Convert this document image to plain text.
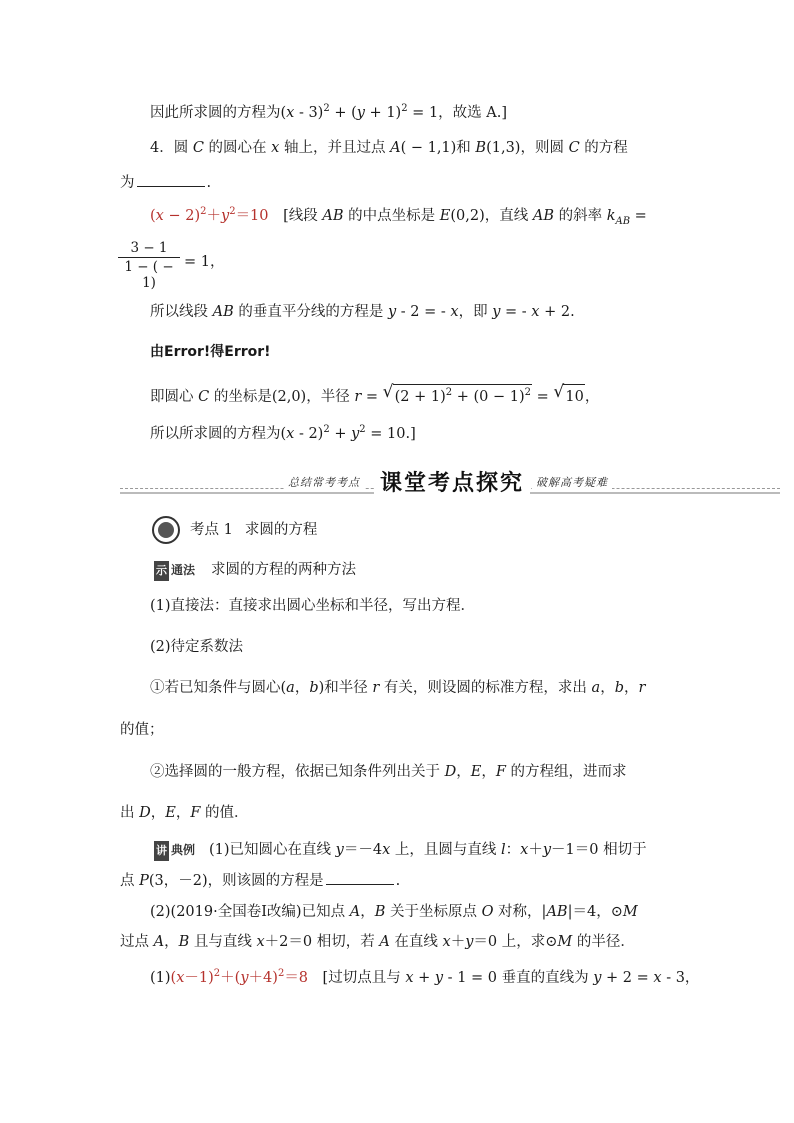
因此所求圆的方程为$(x - 3)^2 + (y + 1)^2 = 1$，故选 A.]
4．圆 C 的圆心在 x 轴上，并且过点 A( − 1,1)和 B(1,3)，则圆 C 的方程
为	.
$(x - 2)^2+y^2=10$ [线段 AB 的中点坐标是 E(0,2)，直线 AB 的斜率 $k_{AB}$ =
$\frac{3 - 1}{1 - ( - 1)} = 1$，
所以线段 AB 的垂直平分线的方程是 y - 2 = - x，即 y = - x + 2.
由Error!得Error!
即圆心 C 的坐标是(2,0)，半径 r = √ $(2 + 1)^2 + (0 - 1)^2$ = √ 10，
所以所求圆的方程为$(x - 2)^2 + y^2 = 10$.]
总结常考考点 课堂考点探究	破解高考疑难
考点 1 求圆的方程
示 通法 求圆的方程的两种方法
(1)直接法：直接求出圆心坐标和半径，写出方程．
(2)待定系数法
①若已知条件与圆心(a，b)和半径 r 有关，则设圆的标准方程，求出 a，b，r
的值；
②选择圆的一般方程，依据已知条件列出关于 D，E，F 的方程组，进而求
出 D，E，F 的值．
讲 典例 (1)已知圆心在直线 y＝－4x 上，且圆与直线 l：x＋y－1＝0 相切于
点 P(3，－2)，则该圆的方程是	.
(2)(2019·全国卷Ⅰ改编)已知点 A，B 关于坐标原点 O 对称，|AB|＝4，⊙M
过点 A，B 且与直线 x＋2＝0 相切，若 A 在直线 x＋y＝0 上，求⊙M 的半径．
$(1)(x-1)^2+(y+4)^2=8$　[过切点且与 x + y - 1 = 0 垂直的直线为 y + 2 = x - 3，
